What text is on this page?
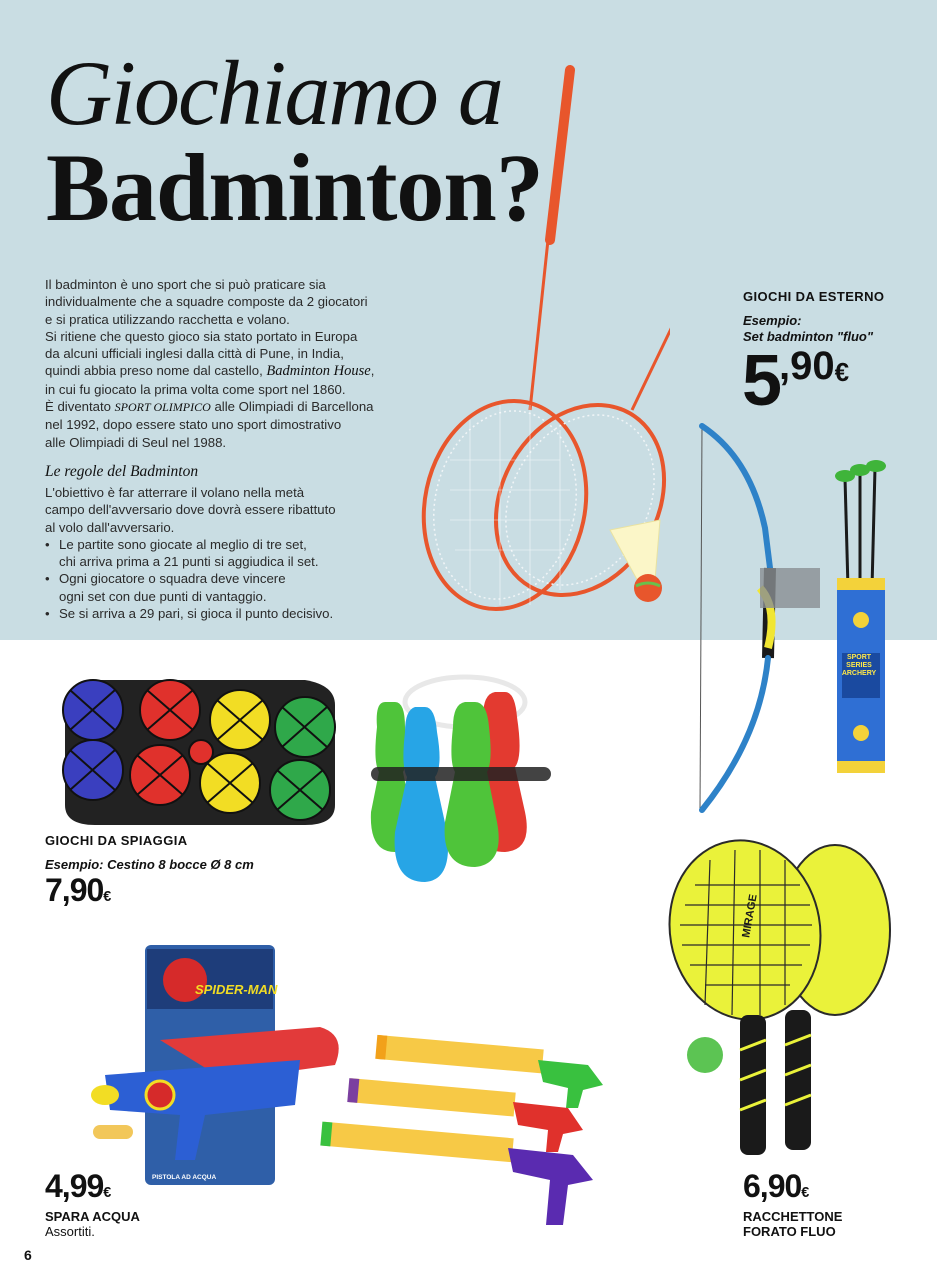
Giochiamo a
Badminton?

Il badminton è uno sport che si può praticare sia

individualmente che a squadre composte da 2 giocatori

e si pratica utilizzando racchetta e volano.

Si ritiene che questo gioco sia stato portato in Europa

da alcuni ufficiali inglesi dalla città di Pune, in India,

quindi abbia preso nome dal castello, Badminton House,

in cui fu giocato la prima volta come sport nel 1860.

È diventato SPORT OLIMPICO alle Olimpiadi di Barcellona

nel 1992, dopo essere stato uno sport dimostrativo

alle Olimpiadi di Seul nel 1988.

Le regole del Badminton

L'obiettivo è far atterrare il volano nella metà

campo dell'avversario dove dovrà essere ribattuto

al volo dall'avversario.

• Le partite sono giocate al meglio di tre set,
chi arriva prima a 21 punti si aggiudica il set.
• Ogni giocatore o squadra deve vincere
ogni set con due punti di vantaggio.
• Se si arriva a 29 pari, si gioca il punto decisivo.
GIOCHI DA ESTERNO
Esempio:
Set badminton "fluo"
5,90€
SPORT SERIES ARCHERY
GIOCHI DA SPIAGGIA
Esempio: Cestino 8 bocce Ø 8 cm
7,90€	MIRAGE
SPIDER-MAN
PISTOLA AD ACQUA
4,99€
SPARA ACQUA
Assortiti.
6,90€
RACCHETTONE
FORATO FLUO
6
